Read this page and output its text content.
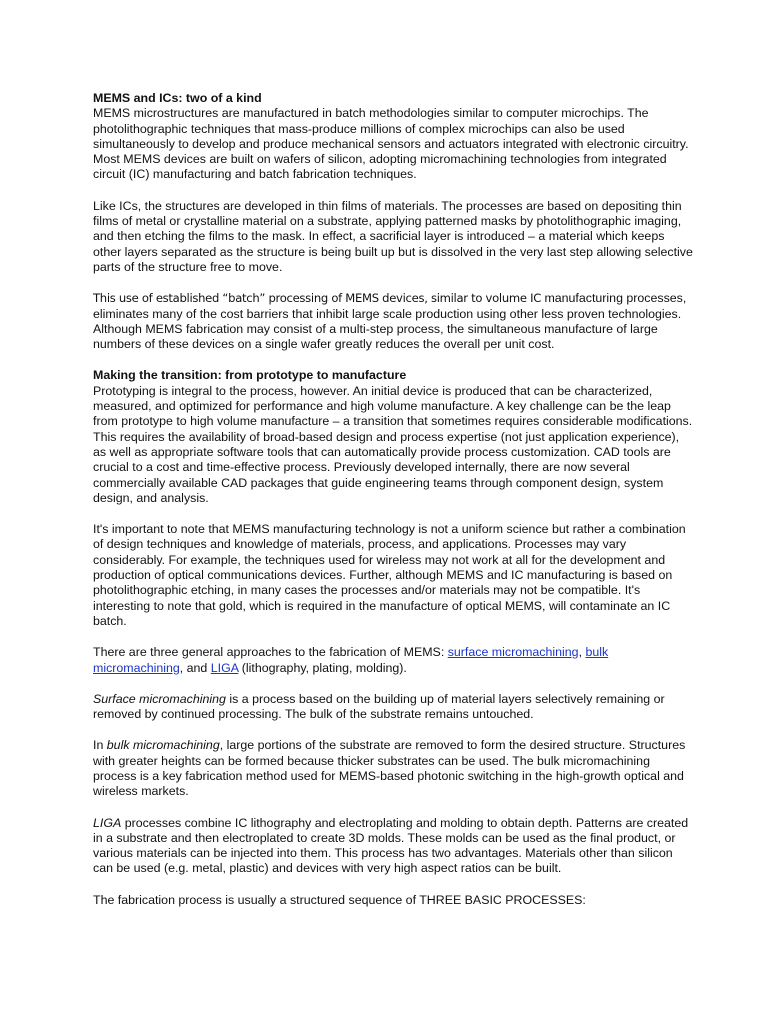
MEMS and ICs: two of a kind
MEMS microstructures are manufactured in batch methodologies similar to computer microchips. The photolithographic techniques that mass-produce millions of complex microchips can also be used simultaneously to develop and produce mechanical sensors and actuators integrated with electronic circuitry. Most MEMS devices are built on wafers of silicon, adopting micromachining technologies from integrated circuit (IC) manufacturing and batch fabrication techniques.

Like ICs, the structures are developed in thin films of materials. The processes are based on depositing thin films of metal or crystalline material on a substrate, applying patterned masks by photolithographic imaging, and then etching the films to the mask. In effect, a sacrificial layer is introduced – a material which keeps other layers separated as the structure is being built up but is dissolved in the very last step allowing selective parts of the structure free to move.

This use of established “batch” processing of MEMS devices, similar to volume IC manufacturing processes, eliminates many of the cost barriers that inhibit large scale production using other less proven technologies. Although MEMS fabrication may consist of a multi-step process, the simultaneous manufacture of large numbers of these devices on a single wafer greatly reduces the overall per unit cost.

Making the transition: from prototype to manufacture
Prototyping is integral to the process, however. An initial device is produced that can be characterized, measured, and optimized for performance and high volume manufacture. A key challenge can be the leap from prototype to high volume manufacture – a transition that sometimes requires considerable modifications. This requires the availability of broad-based design and process expertise (not just application experience), as well as appropriate software tools that can automatically provide process customization. CAD tools are crucial to a cost and time-effective process. Previously developed internally, there are now several commercially available CAD packages that guide engineering teams through component design, system design, and analysis.

It's important to note that MEMS manufacturing technology is not a uniform science but rather a combination of design techniques and knowledge of materials, process, and applications. Processes may vary considerably. For example, the techniques used for wireless may not work at all for the development and production of optical communications devices. Further, although MEMS and IC manufacturing is based on photolithographic etching, in many cases the processes and/or materials may not be compatible. It's interesting to note that gold, which is required in the manufacture of optical MEMS, will contaminate an IC batch.

There are three general approaches to the fabrication of MEMS: surface micromachining, bulk micromachining, and LIGA (lithography, plating, molding).

Surface micromachining is a process based on the building up of material layers selectively remaining or removed by continued processing. The bulk of the substrate remains untouched.

In bulk micromachining, large portions of the substrate are removed to form the desired structure. Structures with greater heights can be formed because thicker substrates can be used. The bulk micromachining process is a key fabrication method used for MEMS-based photonic switching in the high-growth optical and wireless markets.

LIGA processes combine IC lithography and electroplating and molding to obtain depth. Patterns are created in a substrate and then electroplated to create 3D molds. These molds can be used as the final product, or various materials can be injected into them. This process has two advantages. Materials other than silicon can be used (e.g. metal, plastic) and devices with very high aspect ratios can be built.

The fabrication process is usually a structured sequence of THREE BASIC PROCESSES:
